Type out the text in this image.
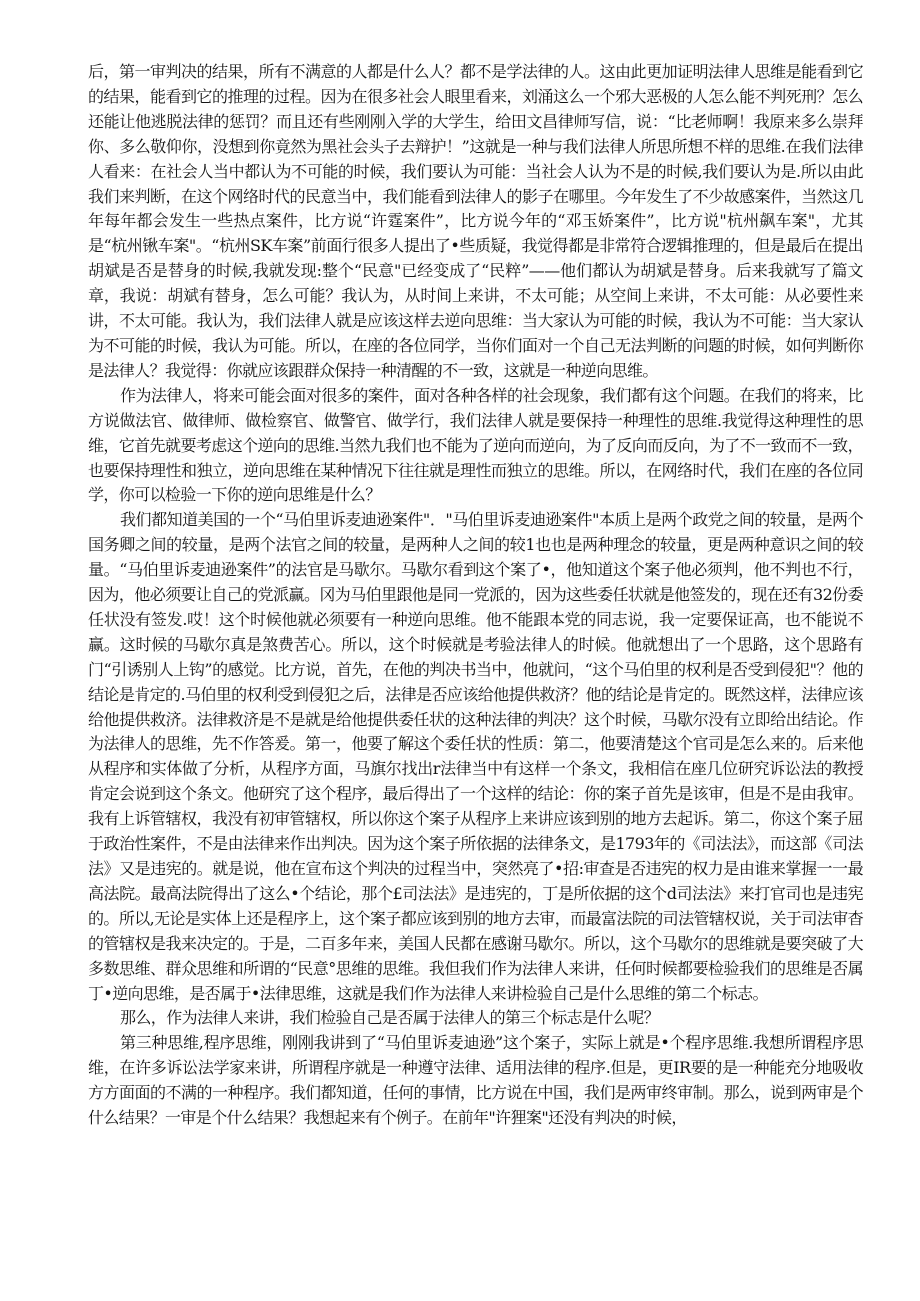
后，第一审判决的结果，所有不满意的人都是什么人？都不是学法律的人。这由此更加证明法律人思维是能看到它的结果，能看到它的推理的过程。因为在很多社会人眼里看来，刘涌这么一个邪大恶极的人怎么能不判死刑？怎么还能让他逃脱法律的惩罚？而且还有些刚刚入学的大学生，给田文昌律师写信，说：“比老师啊！我原来多么崇拜你、多么敬仰你，没想到你竟然为黑社会头子去辩护！”这就是一种与我们法律人所思所想不样的思维.在我们法律人看来：在社会人当中都认为不可能的时候，我们要认为可能：当社会人认为不是的时候,我们要认为是.所以由此我们来判断，在这个网络时代的民意当中，我们能看到法律人的影子在哪里。今年发生了不少故感案件，当然这几年每年都会发生一些热点案件，比方说“许霆案件”，比方说今年的“邓玉娇案件”，比方说"杭州飙车案"，尤其是“杭州锹车案"。“杭州SK车案”前面行很多人提出了•些质疑，我觉得都是非常符合逻辑推理的，但是最后在提出胡斌是否是替身的时候,我就发现:整个“民意"已经变成了“民粹”——他们都认为胡斌是替身。后来我就写了篇文章，我说：胡斌有替身，怎么可能？我认为，从时间上来讲，不太可能；从空间上来讲，不太可能：从必要性来讲，不太可能。我认为，我们法律人就是应该这样去逆向思维：当大家认为可能的时候，我认为不可能：当大家认为不可能的时候，我认为可能。所以，在座的各位同学，当你们面对一个自己无法判断的问题的时候，如何判断你是法律人？我觉得：你就应该跟群众保持一种清醒的不一致，这就是一种逆向思维。

作为法律人，将来可能会面对很多的案件，面对各种各样的社会现象，我们都有这个问题。在我们的将来，比方说做法官、做律师、做检察官、做警官、做学行，我们法律人就是要保持一种理性的思维.我觉得这种理性的思维，它首先就要考虑这个逆向的思维.当然九我们也不能为了逆向而逆向，为了反向而反向，为了不一致而不一致，也要保持理性和独立，逆向思维在某种情况下往往就是理性而独立的思维。所以，在网络时代，我们在座的各位同学，你可以检验一下你的逆向思维是什么？

我们都知道美国的一个“马伯里诉麦迪逊案件"．"马伯里诉麦迪逊案件"本质上是两个政党之间的较量，是两个国务卿之间的较量，是两个法官之间的较量，是两种人之间的较1也也是两种理念的较量，更是两种意识之间的较量。“马伯里诉麦迪逊案件”的法官是马歇尔。马歇尔看到这个案了•，他知道这个案子他必须判，他不判也不行，因为，他必须要让自己的党派赢。冈为马伯里跟他是同一党派的，因为这些委任状就是他签发的，现在还有32份委任状没有签发.哎！这个时候他就必须要有一种逆向思维。他不能跟本党的同志说，我一定要保证高，也不能说不赢。这时候的马歇尔真是煞费苦心。所以，这个时候就是考验法律人的时候。他就想出了一个思路，这个思路有门“引诱别人上钩”的感觉。比方说，首先，在他的判决书当中，他就问，“这个马伯里的权利是否受到侵犯"？他的结论是肯定的.马伯里的权利受到侵犯之后，法律是否应该给他提供救济？他的结论是肯定的。既然这样，法律应该给他提供救济。法律救济是不是就是给他提供委任状的这种法律的判决？这个时候，马歇尔没有立即给出结论。作为法律人的思维，先不作答爰。第一，他要了解这个委任状的性质：第二，他要清楚这个官司是怎么来的。后来他从程序和实体做了分析，从程序方面，马旗尔找出r法律当中有这样一个条文，我相信在座几位研究诉讼法的教授肯定会说到这个条文。他研究了这个程序，最后得出了一个这样的结论：你的案子首先是该审，但是不是由我审。我有上诉管辖权，我没有初审管辖权，所以你这个案子从程序上来讲应该到别的地方去起诉。第二，你这个案子屈于政治性案件，不是由法律来作出判决。因为这个案子所依据的法律条文，是1793年的《司法法》，而这部《司法法》又是违宪的。就是说，他在宣布这个判决的过程当中，突然亮了•招:审查是否违宪的权力是由谁来掌握一一最高法院。最高法院得出了这么•个结论，那个£司法法》是违宪的，丁是所依据的这个d司法法》来打官司也是违宪的。所以,无论是实体上还是程序上，这个案子都应该到别的地方去审，而最富法院的司法管辖权说，关于司法审杳的管辖权是我来决定的。于是，二百多年来，美国人民都在感谢马歇尔。所以，这个马歇尔的思维就是要突破了大多数思维、群众思维和所谓的“民意°思维的思维。我但我们作为法律人来讲，任何时候都要检验我们的思维是否属丁•逆向思维，是否属于•法律思维，这就是我们作为法律人来讲检验自己是什么思维的第二个标志。

那么，作为法律人来讲，我们检验自己是否属于法律人的第三个标志是什么呢？

第三种思维,程序思维，刚刚我讲到了“马伯里诉麦迪逊”这个案子，实际上就是•个程序思维.我想所谓程序思维，在许多诉讼法学家来讲，所谓程序就是一种遵守法律、适用法律的程序.但是，更IR要的是一种能充分地吸收方方面面的不满的一种程序。我们都知道，任何的事情，比方说在中国，我们是两审终审制。那么，说到两审是个什么结果？一审是个什么结果？我想起来有个例子。在前年"许狸案"还没有判决的时候，
